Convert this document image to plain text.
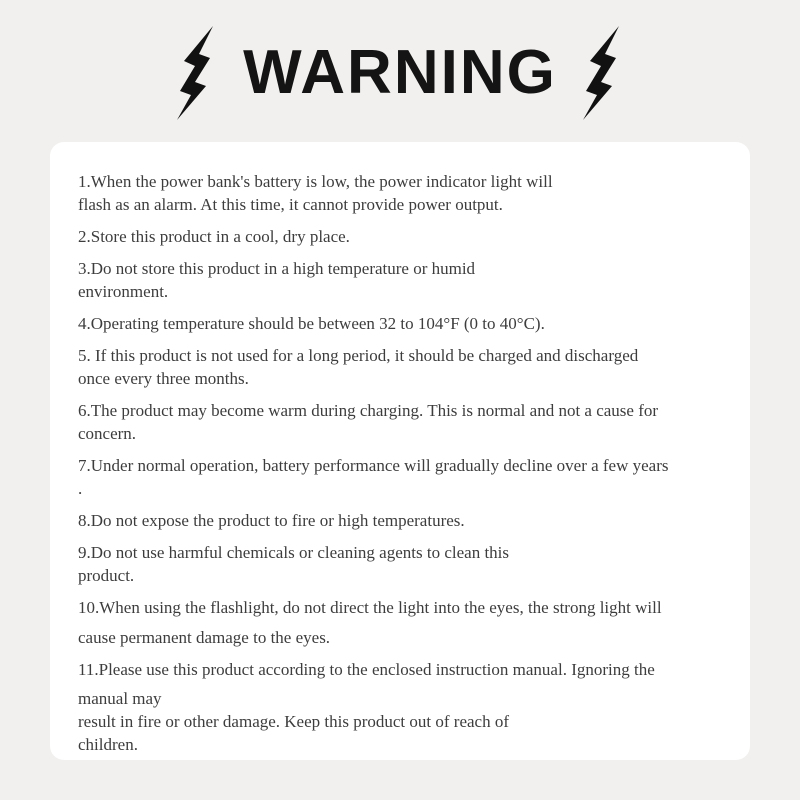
WARNING
1.When the power bank's battery is low, the power indicator light will
flash as an alarm. At this time, it cannot provide power output.
2.Store this product in a cool, dry place.
3.Do not store this product in a high temperature or humid
environment.
4.Operating temperature should be between 32 to 104°F (0 to 40°C).
5. If this product is not used for a long period, it should be charged and discharged
once every three months.
6.The product may become warm during charging. This is normal and not a cause for
concern.
7.Under normal operation, battery performance will gradually decline over a few years
.
8.Do not expose the product to fire or high temperatures.
9.Do not use harmful chemicals or cleaning agents to clean this
product.
10.When using the flashlight, do not direct the light into the eyes, the strong light will
cause permanent damage to the eyes.
11.Please use this product according to the enclosed instruction manual. Ignoring the
manual may
result in fire or other damage. Keep this product out of reach of
children.
